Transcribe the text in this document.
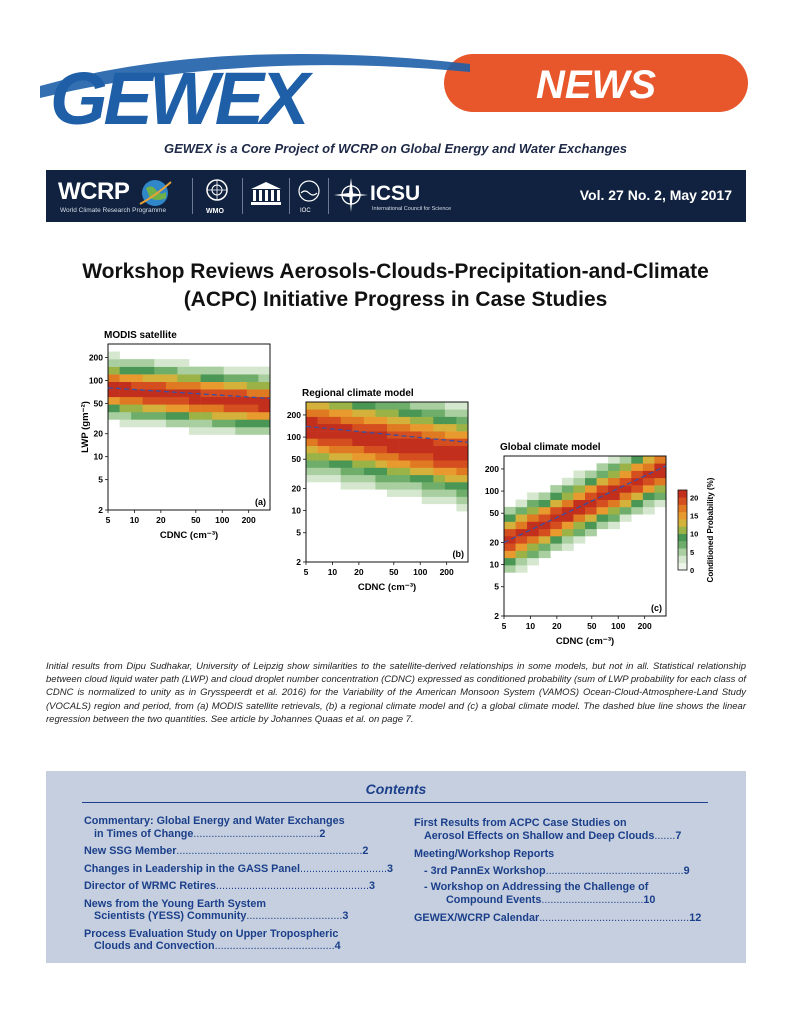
NEWS
GEWEX
GEWEX is a Core Project of WCRP on Global Energy and Water Exchanges
WCRP
World Climate Research Programme	WMO	IOC
ICSU
International Council for Science
Vol. 27 No. 2, May 2017
Workshop Reviews Aerosols-Clouds-Precipitation-and-Climate
(ACPC) Initiative Progress in Case Studies
5 10 20	50 100 200
2
5
10
20
50
100
200
MODIS satellite
(a)
CDNC (cm⁻³)
5 10 20	50 100 200
2
5
10
20
50
100
200
Regional climate model
(b)
CDNC (cm⁻³)
5 10 20	50 100 200
2
5
10
20
50
100
200
Global climate model
(c)
CDNC (cm⁻³)
LWP (gm⁻²)
0
5
10
15
20 Conditioned Probability (%)
Initial results from Dipu Sudhakar, University of Leipzig show similarities to the satellite-derived relationships in some models, but not in all. Statistical relationship between cloud liquid water path (LWP) and cloud droplet number concentration (CDNC) expressed as conditioned probability (sum of LWP probability for each class of CDNC is normalized to unity as in Grysspeerdt et al. 2016) for the Variability of the American Monsoon System (VAMOS) Ocean-Cloud-Atmosphere-Land Study (VOCALS) region and period, from (a) MODIS satellite retrievals, (b) a regional climate model and (c) a global climate model. The dashed blue line shows the linear regression between the two quantities. See article by Johannes Quaas et al. on page 7.
Contents
Commentary: Global Energy and Water Exchanges
in Times of Change..........................................2
New SSG Member..............................................................2
Changes in Leadership in the GASS Panel.............................3
Director of WRMC Retires...................................................3
News from the Young Earth System
Scientists (YESS) Community................................3
Process Evaluation Study on Upper Tropospheric
Clouds and Convection........................................4
First Results from ACPC Case Studies on
Aerosol Effects on Shallow and Deep Clouds.......7
Meeting/Workshop Reports
- 3rd PannEx Workshop..............................................9
- Workshop on Addressing the Challenge of
Compound Events..................................10
GEWEX/WCRP Calendar..................................................12
